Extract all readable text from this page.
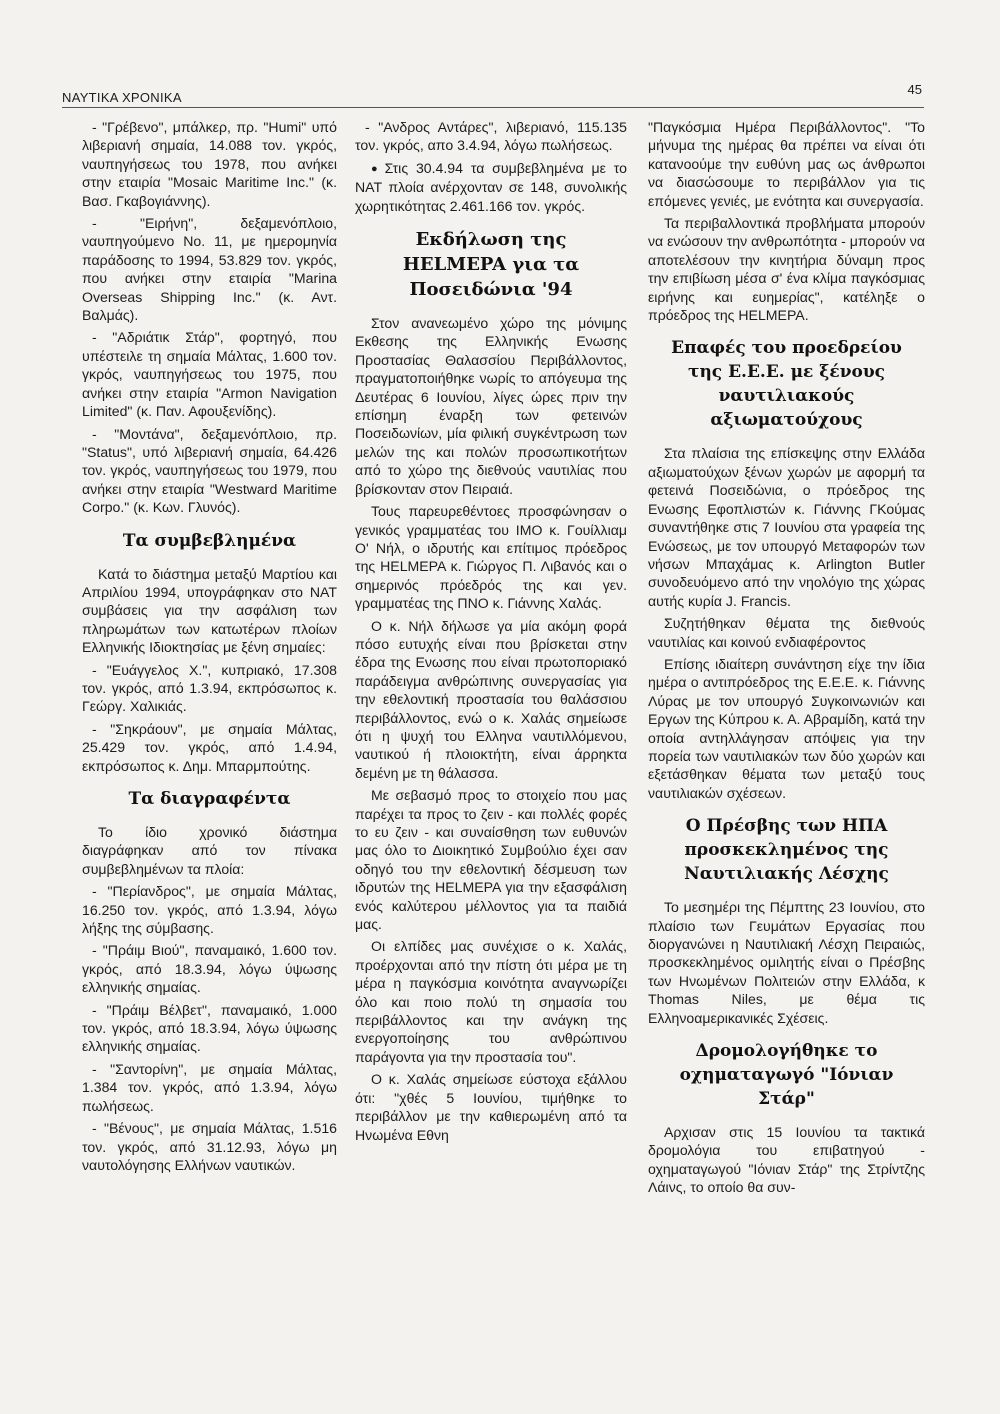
ΝΑΥΤΙΚΑ ΧΡΟΝΙΚΑ
45

- "Γρέβενο", μπάλκερ, πρ. "Humi" υπό λιβεριανή σημαία, 14.088 τον. γκρός, ναυπηγήσεως του 1978, που ανήκει στην εταιρία "Mosaic Maritime Inc." (κ. Βασ. Γκαβογιάννης).

- "Ειρήνη", δεξαμενόπλοιο, ναυπηγούμενο No. 11, με ημερομηνία παράδοσης το 1994, 53.829 τον. γκρός, που ανήκει στην εταιρία "Marina Overseas Shipping Inc." (κ. Αντ. Βαλμάς).

- "Αδριάτικ Στάρ", φορτηγό, που υπέστειλε τη σημαία Μάλτας, 1.600 τον. γκρός, ναυπηγήσεως του 1975, που ανήκει στην εταιρία "Armon Navigation Limited" (κ. Παν. Αφουξενίδης).

- "Μοντάνα", δεξαμενόπλοιο, πρ. "Status", υπό λιβεριανή σημαία, 64.426 τον. γκρός, ναυπηγήσεως του 1979, που ανήκει στην εταιρία "Westward Maritime Corpo." (κ. Κων. Γλυνός).

Τα συμβεβλημένα

Κατά το διάστημα μεταξύ Μαρτίου και Απριλίου 1994, υπογράφηκαν στο NAT συμβάσεις για την ασφάλιση των πληρωμάτων των κατωτέρων πλοίων Ελληνικής Ιδιοκτησίας με ξένη σημαίες:

- "Ευάγγελος Χ.", κυπριακό, 17.308 τον. γκρός, από 1.3.94, εκπρόσωπος κ. Γεώργ. Χαλικιάς.

- "Σηκράουν", με σημαία Μάλτας, 25.429 τον. γκρός, από 1.4.94, εκπρόσωπος κ. Δημ. Μπαρμπούτης.

Τα διαγραφέντα

Το ίδιο χρονικό διάστημα διαγράφηκαν από τον πίνακα συμβεβλημένων τα πλοία:

- "Περίανδρος", με σημαία Μάλτας, 16.250 τον. γκρός, από 1.3.94, λόγω λήξης της σύμβασης.

- "Πράιμ Βιού", παναμαικό, 1.600 τον. γκρός, από 18.3.94, λόγω ύψωσης ελληνικής σημαίας.

- "Πράιμ Βέλβετ", παναμαικό, 1.000 τον. γκρός, από 18.3.94, λόγω ύψωσης ελληνικής σημαίας.

- "Σαντορίνη", με σημαία Μάλτας, 1.384 τον. γκρός, από 1.3.94, λόγω πωλήσεως.

- "Βένους", με σημαία Μάλτας, 1.516 τον. γκρός, από 31.12.93, λόγω μη ναυτολόγησης Ελλήνων ναυτικών.

- "Ανδρος Αντάρες", λιβεριανό, 115.135 τον. γκρός, απο 3.4.94, λόγω πωλήσεως.

● Στις 30.4.94 τα συμβεβλημένα με το NAT πλοία ανέρχονταν σε 148, συνολικής χωρητικότητας 2.461.166 τον. γκρός.

Εκδήλωση της HELMEPA για τα Ποσειδώνια '94

Στον ανανεωμένο χώρο της μόνιμης Εκθεσης της Ελληνικής Ενωσης Προστασίας Θαλασσίου Περιβάλλοντος, πραγματοποιήθηκε νωρίς το απόγευμα της Δευτέρας 6 Ιουνίου, λίγες ώρες πριν την επίσημη έναρξη των φετεινών Ποσειδωνίων, μία φιλική συγκέντρωση των μελών της και πολών προσωπικοτήτων από το χώρο της διεθνούς ναυτιλίας που βρίσκονταν στον Πειραιά.

Τους παρευρεθέντοες προσφώνησαν ο γενικός γραμματέας του IMO κ. Γουίλλιαμ Ο' Νήλ, ο ιδρυτής και επίτιμος πρόεδρος της HELMEPA κ. Γιώργος Π. Λιβανός και ο σημερινός πρόεδρός της και γεν. γραμματέας της ΠΝΟ κ. Γιάννης Χαλάς.

Ο κ. Νήλ δήλωσε γα μία ακόμη φορά πόσο ευτυχής είναι που βρίσκεται στην έδρα της Ενωσης που είναι πρωτοποριακό παράδειγμα ανθρώπινης συνεργασίας για την εθελοντική προστασία του θαλάσσιου περιβάλλοντος, ενώ ο κ. Χαλάς σημείωσε ότι η ψυχή του Ελληνα ναυτιλλόμενου, ναυτικού ή πλοιοκτήτη, είναι άρρηκτα δεμένη με τη θάλασσα.

Με σεβασμό προς το στοιχείο που μας παρέχει τα προς το ζειν - και πολλές φορές το ευ ζειν - και συναίσθηση των ευθυνών μας όλο το Διοικητικό Συμβούλιο έχει σαν οδηγό του την εθελοντική δέσμευση των ιδρυτών της HELMEPA για την εξασφάλιση ενός καλύτερου μέλλοντος για τα παιδιά μας.

Οι ελπίδες μας συνέχισε ο κ. Χαλάς, προέρχονται από την πίστη ότι μέρα με τη μέρα η παγκόσμια κοινότητα αναγνωρίζει όλο και ποιο πολύ τη σημασία του περιβάλλοντος και την ανάγκη της ενεργοποίησης του ανθρώπινου παράγοντα για την προστασία του".

Ο κ. Χαλάς σημείωσε εύστοχα εξάλλου ότι: "χθές 5 Ιουνίου, τιμήθηκε το περιβάλλον με την καθιερωμένη από τα Ηνωμένα Εθνη

"Παγκόσμια Ημέρα Περιβάλλοντος". "Το μήνυμα της ημέρας θα πρέπει να είναι ότι κατανοούμε την ευθύνη μας ως άνθρωποι να διασώσουμε το περιβάλλον για τις επόμενες γενιές, με ενότητα και συνεργασία.

Τα περιβαλλοντικά προβλήματα μπορούν να ενώσουν την ανθρωπότητα - μπορούν να αποτελέσουν την κινητήρια δύναμη προς την επιβίωση μέσα σ' ένα κλίμα παγκόσμιας ειρήνης και ευημερίας", κατέληξε ο πρόεδρος της HELMEPA.

Επαφές του προεδρείου της Ε.Ε.Ε. με ξένους ναυτιλιακούς αξιωματούχους

Στα πλαίσια της επίσκεψης στην Ελλάδα αξιωματούχων ξένων χωρών με αφορμή τα φετεινά Ποσειδώνια, ο πρόεδρος της Ενωσης Εφοπλιστών κ. Γιάννης ΓΚούμας συναντήθηκε στις 7 Ιουνίου στα γραφεία της Ενώσεως, με τον υπουργό Μεταφορών των νήσων Μπαχάμας κ. Arlington Butler συνοδευόμενο από την νηολόγιο της χώρας αυτής κυρία J. Francis.

Συζητήθηκαν θέματα της διεθνούς ναυτιλίας και κοινού ενδιαφέροντος

Επίσης ιδιαίτερη συνάντηση είχε την ίδια ημέρα ο αντιπρόεδρος της Ε.Ε.Ε. κ. Γιάννης Λύρας με τον υπουργό Συγκοινωνιών και Εργων της Κύπρου κ. Α. Αβραμίδη, κατά την οποία αντηλλάγησαν απόψεις για την πορεία των ναυτιλιακών των δύο χωρών και εξετάσθηκαν θέματα των μεταξύ τους ναυτιλιακών σχέσεων.

Ο Πρέσβης των ΗΠΑ προσκεκλημένος της Ναυτιλιακής Λέσχης

Το μεσημέρι της Πέμπτης 23 Ιουνίου, στο πλαίσιο των Γευμάτων Εργασίας που διοργανώνει η Ναυτιλιακή Λέσχη Πειραιώς, προσκεκλημένος ομιλητής είναι ο Πρέσβης των Ηνωμένων Πολιτειών στην Ελλάδα, κ Thomas Niles, με θέμα τις Ελληνοαμερικανικές Σχέσεις.

Δρομολογήθηκε το οχηματαγωγό "Ιόνιαν Στάρ"

Αρχισαν στις 15 Ιουνίου τα τακτικά δρομολόγια του επιβατηγού - οχηματαγωγού "Ιόνιαν Στάρ" της Στρίντζης Λάινς, το οποίο θα συν-
